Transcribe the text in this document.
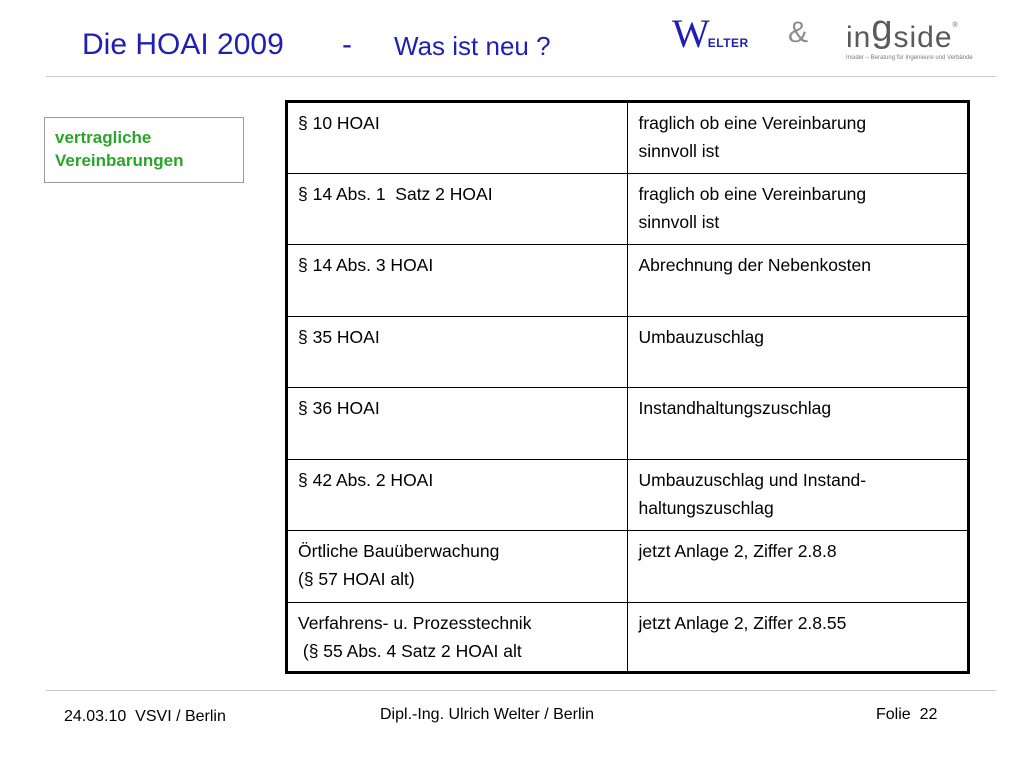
Die HOAI 2009 - Was ist neu ?	WELTER & ingside®
Insider – Beratung für Ingenieure und Verbände
vertragliche
Vereinbarungen
§ 10 HOAI	fraglich ob eine Vereinbarung
sinnvoll ist

§ 14 Abs. 1  Satz 2 HOAI	fraglich ob eine Vereinbarung
sinnvoll ist

§ 14 Abs. 3 HOAI	Abrechnung der Nebenkosten

§ 35 HOAI	Umbauzuschlag

§ 36 HOAI	Instandhaltungszuschlag

§ 42 Abs. 2 HOAI	Umbauzuschlag und Instand-
haltungszuschlag

Örtliche Bauüberwachung
(§ 57 HOAI alt)	jetzt Anlage 2, Ziffer 2.8.8

Verfahrens- u. Prozesstechnik
(§ 55 Abs. 4 Satz 2 HOAI alt	jetzt Anlage 2, Ziffer 2.8.55
24.03.10  VSVI / Berlin	Dipl.-Ing. Ulrich Welter / Berlin	Folie  22
